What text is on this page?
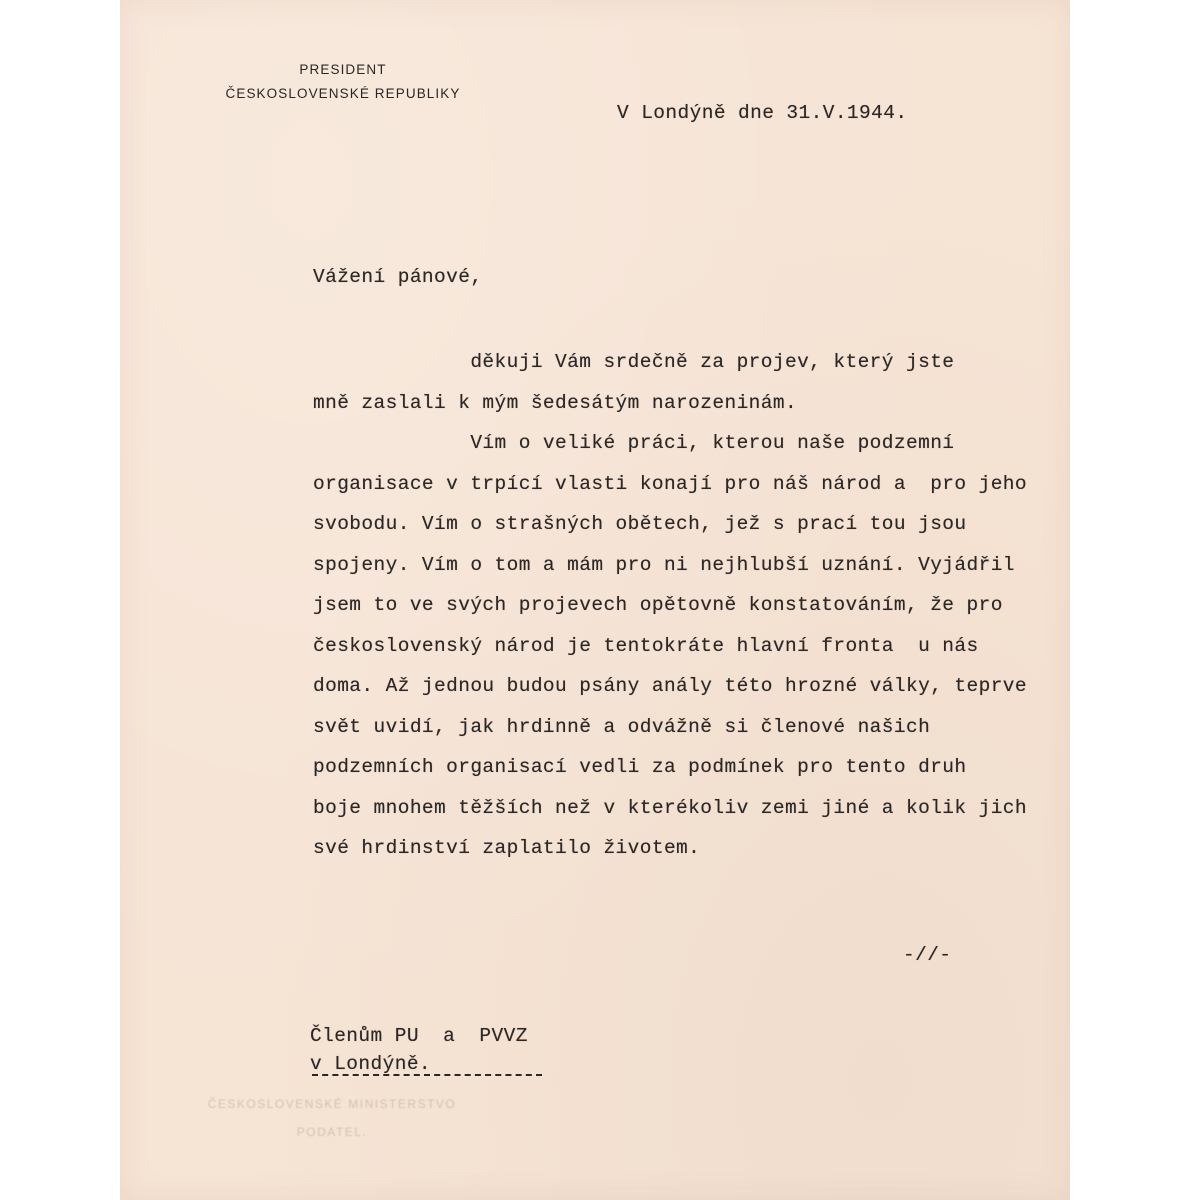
PRESIDENT
ČESKOSLOVENSKÉ REPUBLIKY
V Londýně dne 31.V.1944.
Vážení pánové,
děkuji Vám srdečně za projev, který jste
mně zaslali k mým šedesátým narozeninám.
Vím o veliké práci, kterou naše podzemní
organisace v trpící vlasti konají pro náš národ a  pro jeho
svobodu. Vím o strašných obětech, jež s prací tou jsou
spojeny. Vím o tom a mám pro ni nejhlubší uznání. Vyjádřil
jsem to ve svých projevech opětovně konstatováním, že pro
československý národ je tentokráte hlavní fronta  u nás
doma. Až jednou budou psány anály této hrozné války, teprve
svět uvidí, jak hrdinně a odvážně si členové našich
podzemních organisací vedli za podmínek pro tento druh
boje mnohem těžších než v kterékoliv zemi jiné a kolik jich
své hrdinství zaplatilo životem.
-//-
Členům PU  a  PVVZ
v Londýně.
ČESKOSLOVENSKÉ MINISTERSTVO
PODATEL.
